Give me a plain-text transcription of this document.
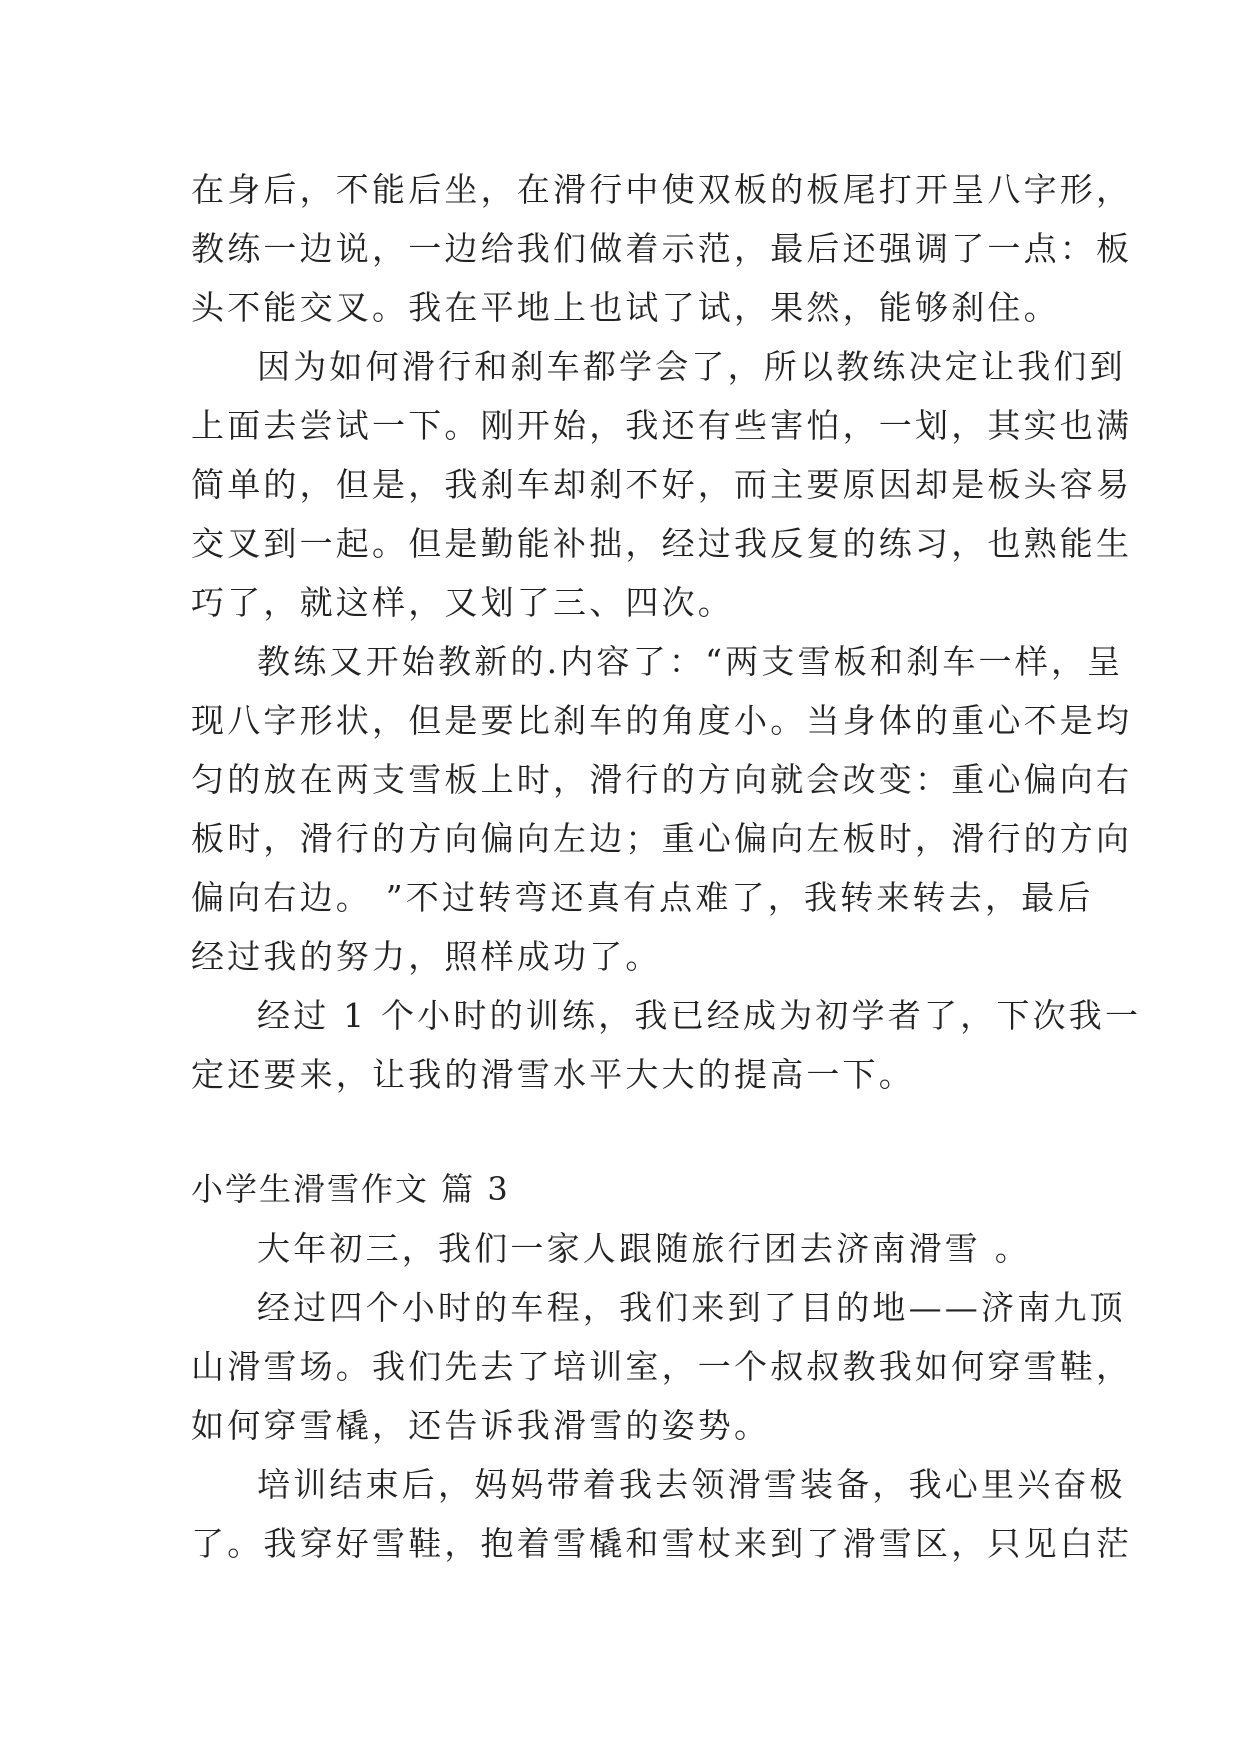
在身后，不能后坐，在滑行中使双板的板尾打开呈八字形，
教练一边说，一边给我们做着示范，最后还强调了一点：板
头不能交叉。我在平地上也试了试，果然，能够刹住。
因为如何滑行和刹车都学会了，所以教练决定让我们到
上面去尝试一下。刚开始，我还有些害怕，一划，其实也满
简单的，但是，我刹车却刹不好，而主要原因却是板头容易
交叉到一起。但是勤能补拙，经过我反复的练习，也熟能生
巧了，就这样，又划了三、四次。
教练又开始教新的.内容了：“两支雪板和刹车一样，呈
现八字形状，但是要比刹车的角度小。当身体的重心不是均
匀的放在两支雪板上时，滑行的方向就会改变：重心偏向右
板时，滑行的方向偏向左边；重心偏向左板时，滑行的方向
偏向右边。 ”不过转弯还真有点难了，我转来转去，最后
经过我的努力，照样成功了。
经过 1 个小时的训练，我已经成为初学者了，下次我一
定还要来，让我的滑雪水平大大的提高一下。
小学生滑雪作文 篇 3
大年初三，我们一家人跟随旅行团去济南滑雪 。
经过四个小时的车程，我们来到了目的地——济南九顶
山滑雪场。我们先去了培训室，一个叔叔教我如何穿雪鞋，
如何穿雪橇，还告诉我滑雪的姿势。
培训结束后，妈妈带着我去领滑雪装备，我心里兴奋极
了。我穿好雪鞋，抱着雪橇和雪杖来到了滑雪区，只见白茫
